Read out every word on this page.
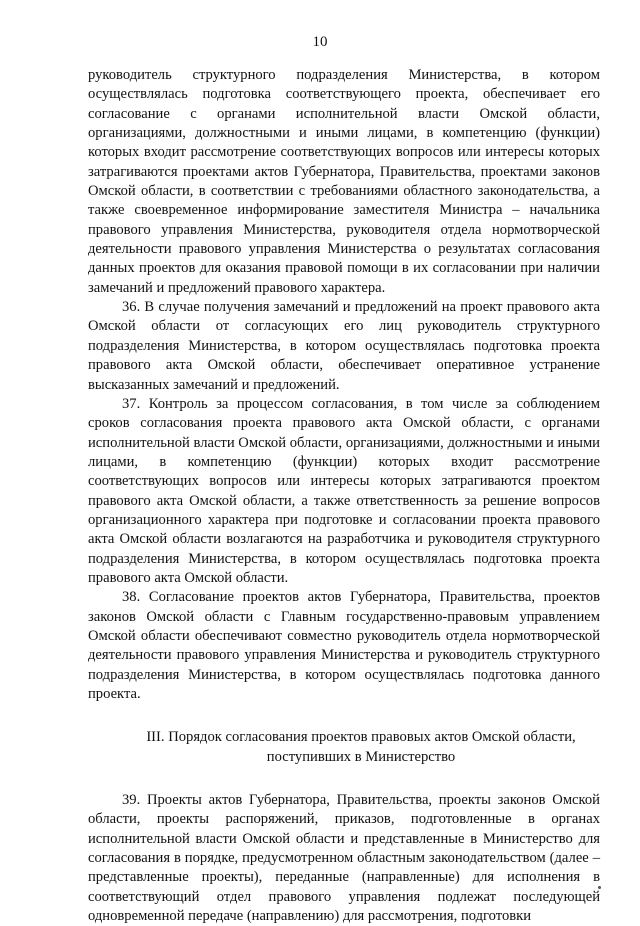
10

руководитель структурного подразделения Министерства, в котором осуществлялась подготовка соответствующего проекта, обеспечивает его согласование с органами исполнительной власти Омской области, организациями, должностными и иными лицами, в компетенцию (функции) которых входит рассмотрение соответствующих вопросов или интересы которых затрагиваются проектами актов Губернатора, Правительства, проектами законов Омской области, в соответствии с требованиями областного законодательства, а также своевременное информирование заместителя Министра – начальника правового управления Министерства, руководителя отдела нормотворческой деятельности правового управления Министерства о результатах согласования данных проектов для оказания правовой помощи в их согласовании при наличии замечаний и предложений правового характера.

36. В случае получения замечаний и предложений на проект правового акта Омской области от согласующих его лиц руководитель структурного подразделения Министерства, в котором осуществлялась подготовка проекта правового акта Омской области, обеспечивает оперативное устранение высказанных замечаний и предложений.

37. Контроль за процессом согласования, в том числе за соблюдением сроков согласования проекта правового акта Омской области, с органами исполнительной власти Омской области, организациями, должностными и иными лицами, в компетенцию (функции) которых входит рассмотрение соответствующих вопросов или интересы которых затрагиваются проектом правового акта Омской области, а также ответственность за решение вопросов организационного характера при подготовке и согласовании проекта правового акта Омской области возлагаются на разработчика и руководителя структурного подразделения Министерства, в котором осуществлялась подготовка проекта правового акта Омской области.

38. Согласование проектов актов Губернатора, Правительства, проектов законов Омской области с Главным государственно-правовым управлением Омской области обеспечивают совместно руководитель отдела нормотворческой деятельности правового управления Министерства и руководитель структурного подразделения Министерства, в котором осуществлялась подготовка данного проекта.

III. Порядок согласования проектов правовых актов Омской области,
поступивших в Министерство

39. Проекты актов Губернатора, Правительства, проекты законов Омской области, проекты распоряжений, приказов, подготовленные в органах исполнительной власти Омской области и представленные в Министерство для согласования в порядке, предусмотренном областным законодательством (далее – представленные проекты), переданные (направленные) для исполнения в соответствующий отдел правового управления подлежат последующей одновременной передаче (направлению) для рассмотрения, подготовки
